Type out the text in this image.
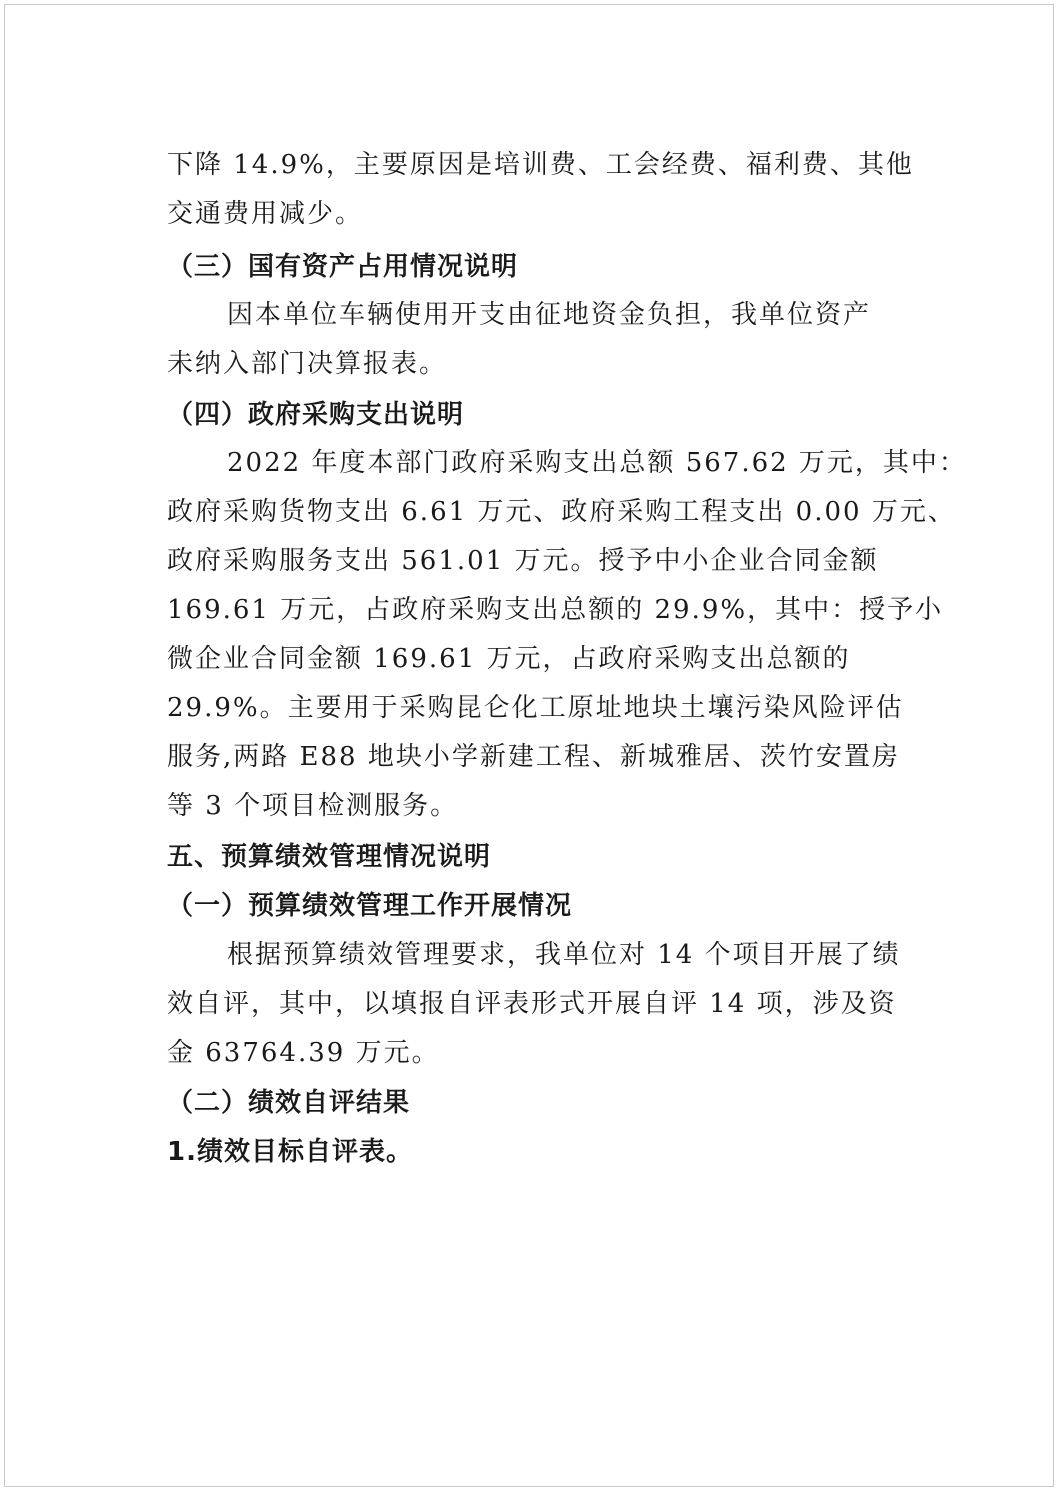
下降 14.9%，主要原因是培训费、工会经费、福利费、其他
交通费用减少。
（三）国有资产占用情况说明
因本单位车辆使用开支由征地资金负担，我单位资产
未纳入部门决算报表。
（四）政府采购支出说明
2022 年度本部门政府采购支出总额 567.62 万元，其中：
政府采购货物支出 6.61 万元、政府采购工程支出 0.00 万元、
政府采购服务支出 561.01 万元。授予中小企业合同金额
169.61 万元，占政府采购支出总额的 29.9%，其中：授予小
微企业合同金额 169.61 万元，占政府采购支出总额的
29.9%。主要用于采购昆仑化工原址地块土壤污染风险评估
服务,两路 E88 地块小学新建工程、新城雅居、茨竹安置房
等 3 个项目检测服务。
五、预算绩效管理情况说明
（一）预算绩效管理工作开展情况
根据预算绩效管理要求，我单位对 14 个项目开展了绩
效自评，其中，以填报自评表形式开展自评 14 项，涉及资
金 63764.39 万元。
（二）绩效自评结果
1.绩效目标自评表。
